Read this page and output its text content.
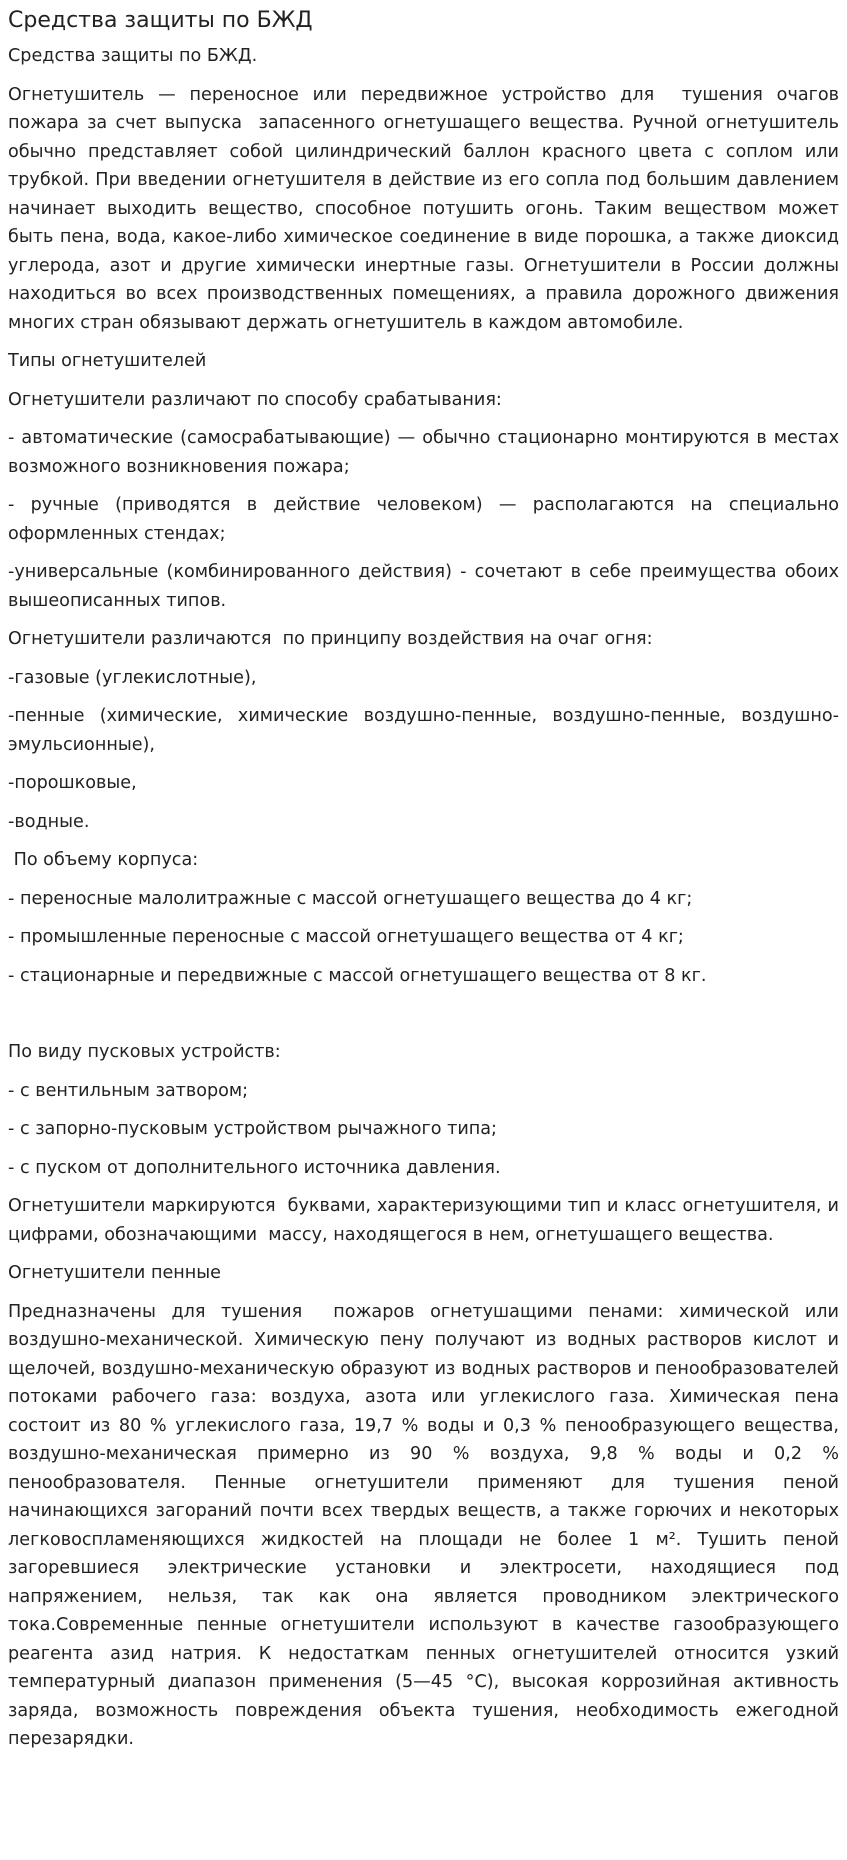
Средства защиты по БЖД

Средства защиты по БЖД.

Огнетушитель — переносное или передвижное устройство для  тушения очагов пожара за счет выпуска  запасенного огнетушащего вещества. Ручной огнетушитель обычно представляет собой цилиндрический баллон красного цвета с соплом или трубкой. При введении огнетушителя в действие из его сопла под большим давлением начинает выходить вещество, способное потушить огонь. Таким веществом может быть пена, вода, какое-либо химическое соединение в виде порошка, а также диоксид углерода, азот и другие химически инертные газы. Огнетушители в России должны находиться во всех производственных помещениях, а правила дорожного движения многих стран обязывают держать огнетушитель в каждом автомобиле.

Типы огнетушителей

Огнетушители различают по способу срабатывания:

- автоматические (самосрабатывающие) — обычно стационарно монтируются в местах возможного возникновения пожара;

- ручные (приводятся в действие человеком) — располагаются на специально оформленных стендах;

-универсальные (комбинированного действия) - сочетают в себе преимущества обоих вышеописанных типов.

Огнетушители различаются  по принципу воздействия на очаг огня:

-газовые (углекислотные),

-пенные (химические, химические воздушно-пенные, воздушно-пенные, воздушно-эмульсионные),

-порошковые,

-водные.

По объему корпуса:

- переносные малолитражные с массой огнетушащего вещества до 4 кг;

- промышленные переносные с массой огнетушащего вещества от 4 кг;

- стационарные и передвижные с массой огнетушащего вещества от 8 кг.

По виду пусковых устройств:

- с вентильным затвором;

- с запорно-пусковым устройством рычажного типа;

- с пуском от дополнительного источника давления.

Огнетушители маркируются  буквами, характеризующими тип и класс огнетушителя, и цифрами, обозначающими  массу, находящегося в нем, огнетушащего вещества.

Огнетушители пенные

Предназначены для тушения  пожаров огнетушащими пенами: химической или воздушно-механической. Химическую пену получают из водных растворов кислот и щелочей, воздушно-механическую образуют из водных растворов и пенообразователей потоками рабочего газа: воздуха, азота или углекислого газа. Химическая пена состоит из 80 % углекислого газа, 19,7 % воды и 0,3 % пенообразующего вещества, воздушно-механическая примерно из 90 % воздуха, 9,8 % воды и 0,2 % пенообразователя. Пенные огнетушители применяют для тушения пеной начинающихся загораний почти всех твердых веществ, а также горючих и некоторых легковоспламеняющихся жидкостей на площади не более 1 м². Тушить пеной загоревшиеся электрические установки и электросети, находящиеся под напряжением, нельзя, так как она является проводником электрического тока.Современные пенные огнетушители используют в качестве газообразующего реагента азид натрия. К недостаткам пенных огнетушителей относится узкий температурный диапазон применения (5—45 °C), высокая коррозийная активность заряда, возможность повреждения объекта тушения, необходимость ежегодной перезарядки.
